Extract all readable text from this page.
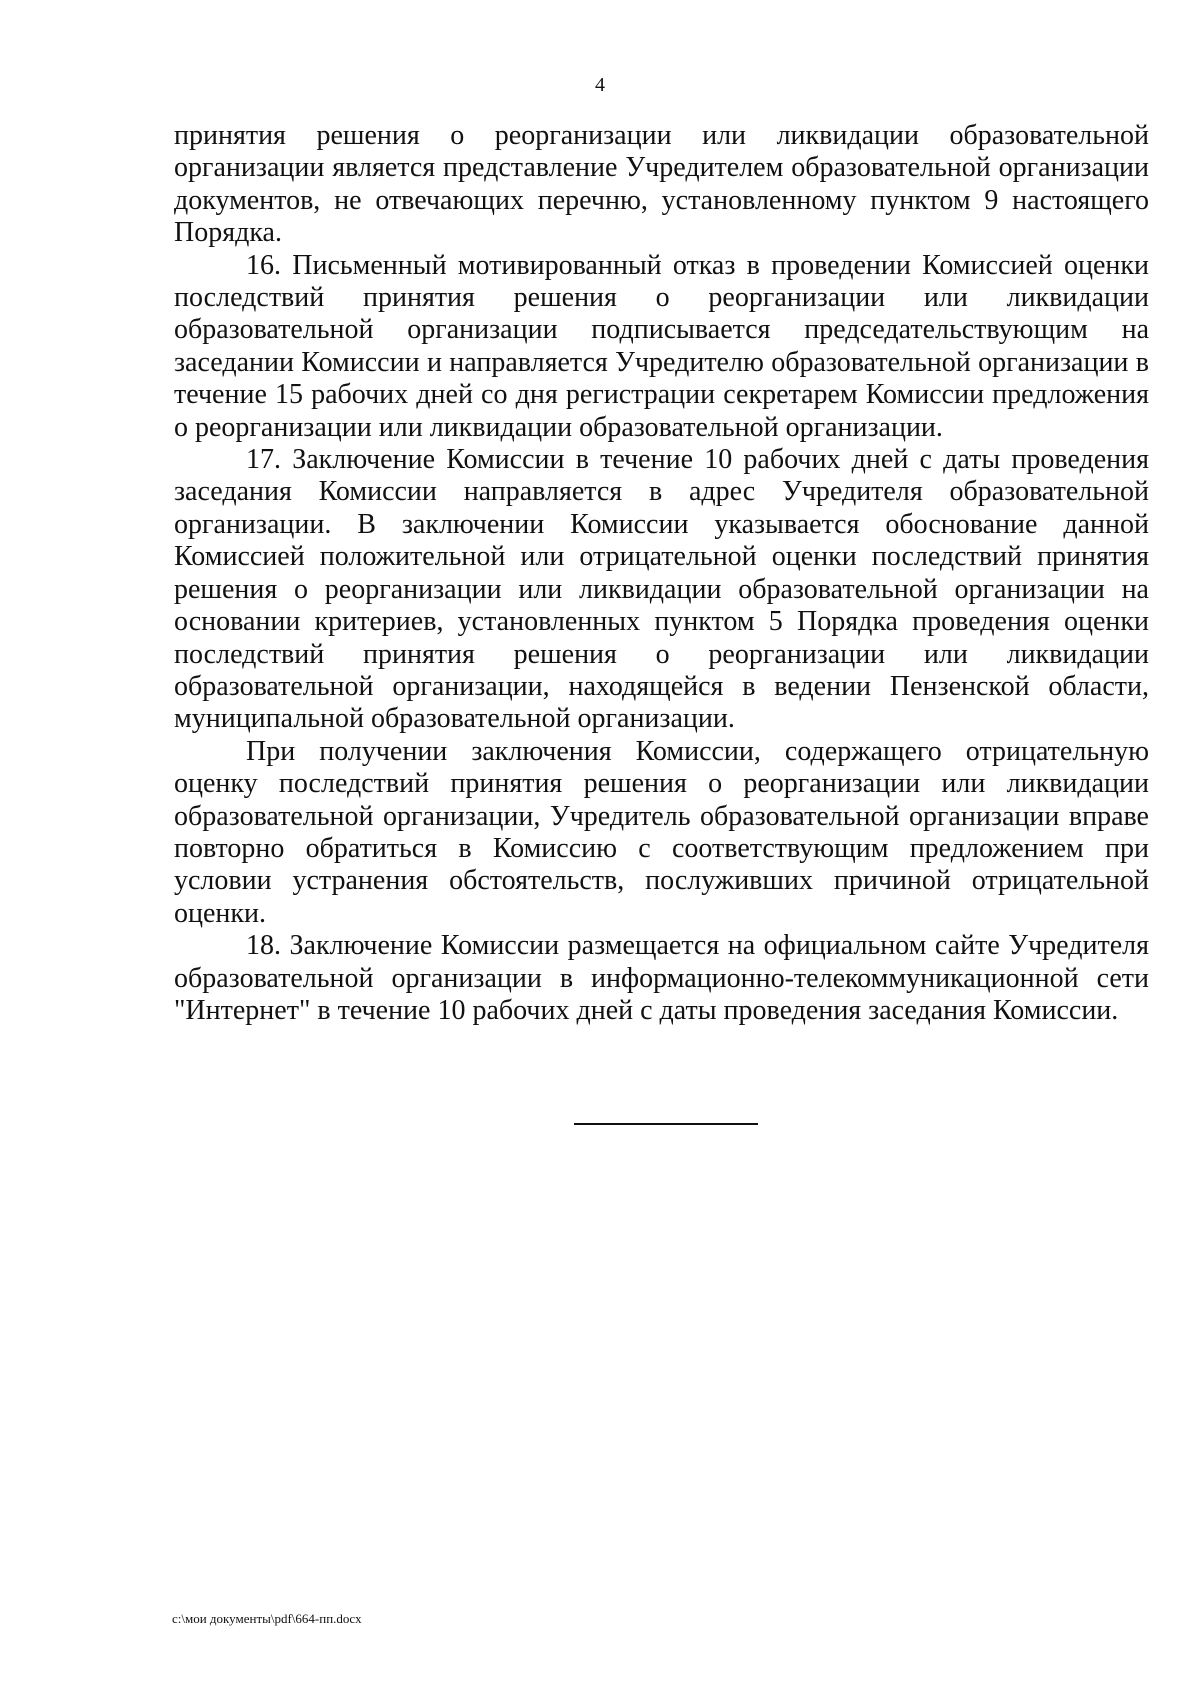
4

принятия решения о реорганизации или ликвидации образовательной организации является представление Учредителем образовательной организации документов, не отвечающих перечню, установленному пунктом 9 настоящего Порядка.

16. Письменный мотивированный отказ в проведении Комиссией оценки последствий принятия решения о реорганизации или ликвидации образовательной организации подписывается председательствующим на заседании Комиссии и направляется Учредителю образовательной организации в течение 15 рабочих дней со дня регистрации секретарем Комиссии предложения о реорганизации или ликвидации образовательной организации.

17. Заключение Комиссии в течение 10 рабочих дней с даты проведения заседания Комиссии направляется в адрес Учредителя образовательной организации. В заключении Комиссии указывается обоснование данной Комиссией положительной или отрицательной оценки последствий принятия решения о реорганизации или ликвидации образовательной организации на основании критериев, установленных пунктом 5 Порядка проведения оценки последствий принятия решения о реорганизации или ликвидации образовательной организации, находящейся в ведении Пензенской области, муниципальной образовательной организации.

При получении заключения Комиссии, содержащего отрицательную оценку последствий принятия решения о реорганизации или ликвидации образовательной организации, Учредитель образовательной организации вправе повторно обратиться в Комиссию с соответствующим предложением при условии устранения обстоятельств, послуживших причиной отрицательной оценки.

18. Заключение Комиссии размещается на официальном сайте Учредителя образовательной организации в информационно-телекоммуникационной сети "Интернет" в течение 10 рабочих дней с даты проведения заседания Комиссии.

c:\мои документы\pdf\664-пп.docx
